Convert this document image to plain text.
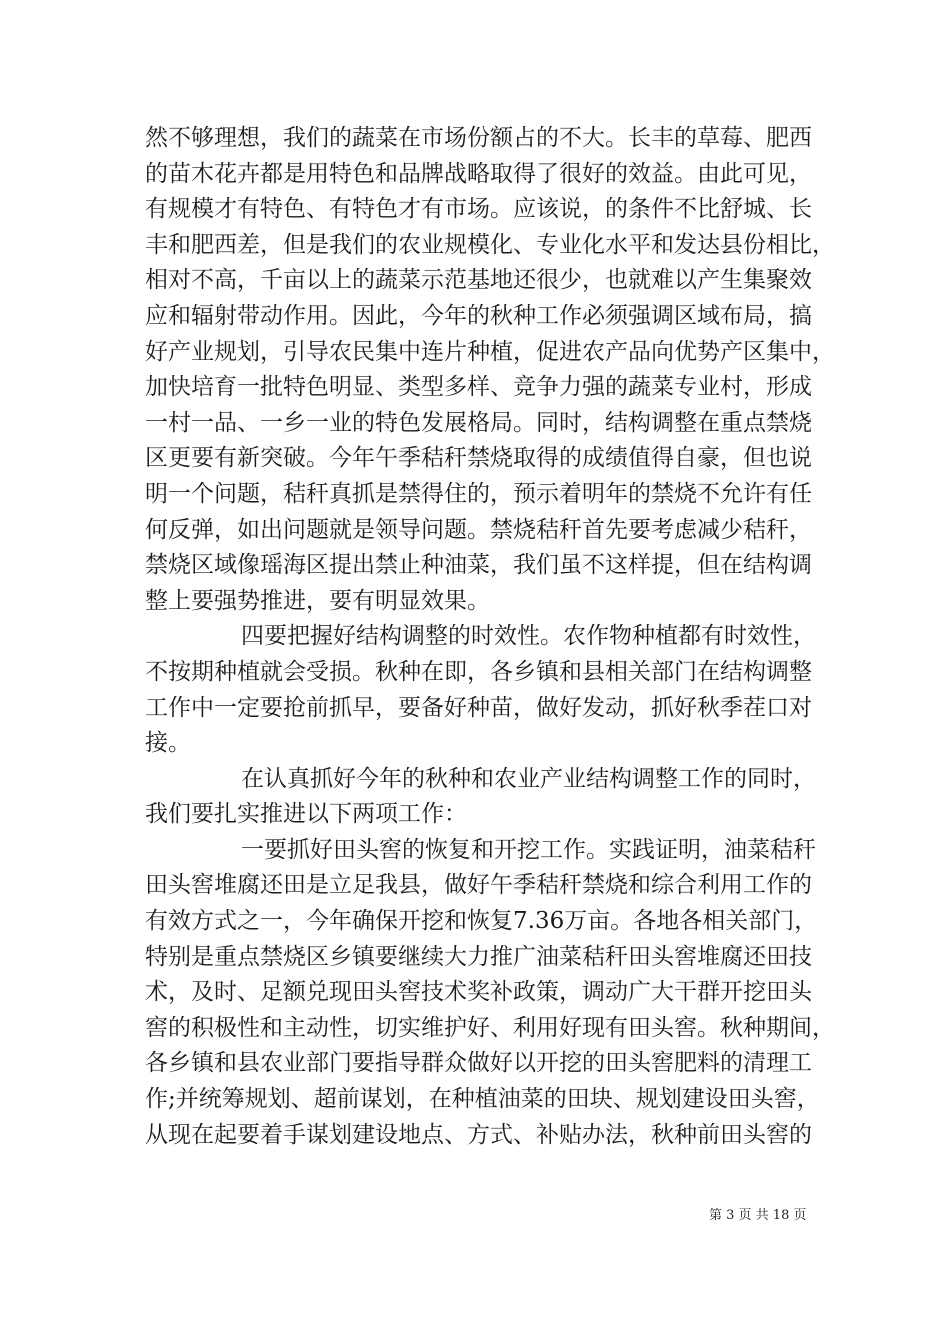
然不够理想，我们的蔬菜在市场份额占的不大。长丰的草莓、肥西
的苗木花卉都是用特色和品牌战略取得了很好的效益。由此可见，
有规模才有特色、有特色才有市场。应该说，的条件不比舒城、长
丰和肥西差，但是我们的农业规模化、专业化水平和发达县份相比，
相对不高，千亩以上的蔬菜示范基地还很少，也就难以产生集聚效
应和辐射带动作用。因此，今年的秋种工作必须强调区域布局，搞
好产业规划，引导农民集中连片种植，促进农产品向优势产区集中，
加快培育一批特色明显、类型多样、竞争力强的蔬菜专业村，形成
一村一品、一乡一业的特色发展格局。同时，结构调整在重点禁烧
区更要有新突破。今年午季秸秆禁烧取得的成绩值得自豪，但也说
明一个问题，秸秆真抓是禁得住的，预示着明年的禁烧不允许有任
何反弹，如出问题就是领导问题。禁烧秸秆首先要考虑减少秸秆，
禁烧区域像瑶海区提出禁止种油菜，我们虽不这样提，但在结构调
整上要强势推进，要有明显效果。
四要把握好结构调整的时效性。农作物种植都有时效性，
不按期种植就会受损。秋种在即，各乡镇和县相关部门在结构调整
工作中一定要抢前抓早，要备好种苗，做好发动，抓好秋季茬口对
接。
在认真抓好今年的秋种和农业产业结构调整工作的同时，
我们要扎实推进以下两项工作：
一要抓好田头窖的恢复和开挖工作。实践证明，油菜秸秆
田头窖堆腐还田是立足我县，做好午季秸秆禁烧和综合利用工作的
有效方式之一，今年确保开挖和恢复7.36万亩。各地各相关部门，
特别是重点禁烧区乡镇要继续大力推广油菜秸秆田头窖堆腐还田技
术，及时、足额兑现田头窖技术奖补政策，调动广大干群开挖田头
窖的积极性和主动性，切实维护好、利用好现有田头窖。秋种期间，
各乡镇和县农业部门要指导群众做好以开挖的田头窖肥料的清理工
作;并统筹规划、超前谋划，在种植油菜的田块、规划建设田头窖，
从现在起要着手谋划建设地点、方式、补贴办法，秋种前田头窖的
第 3 页 共 18 页
